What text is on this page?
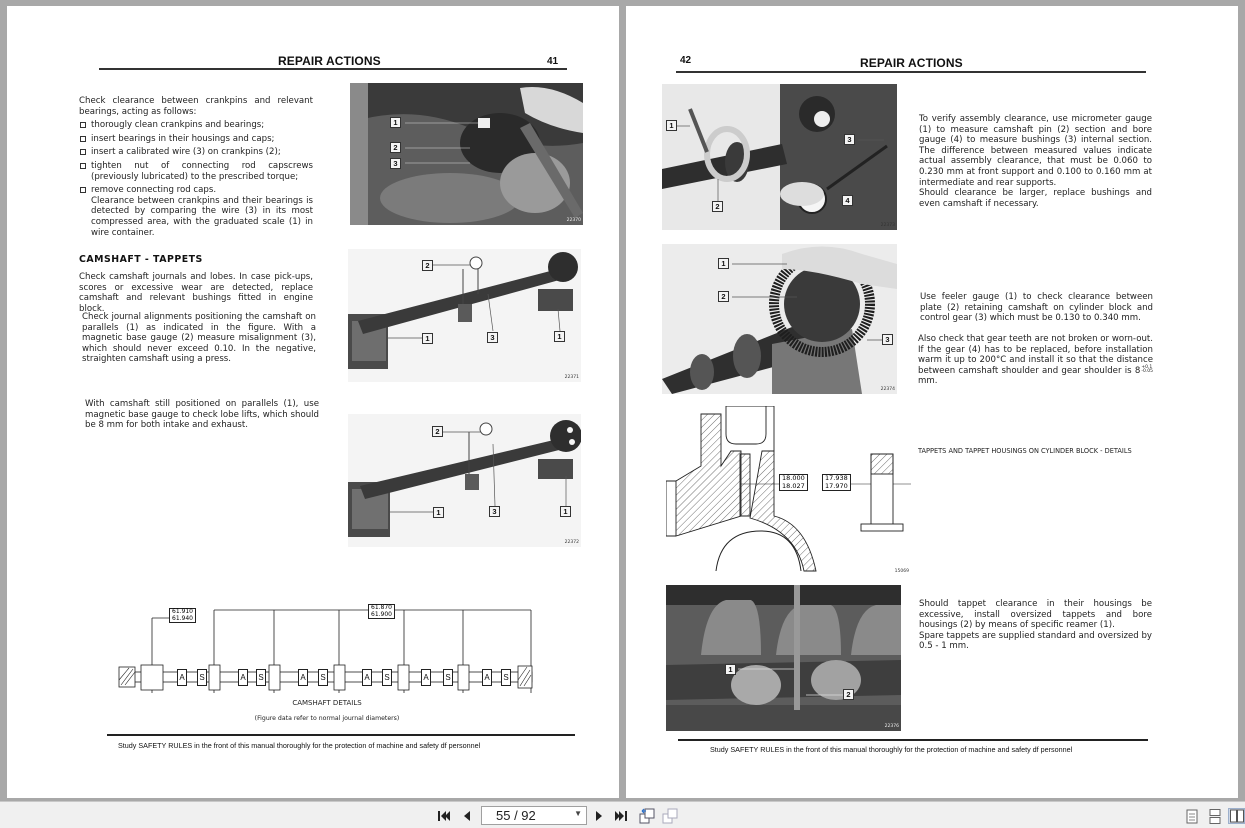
REPAIR ACTIONS	41

Check clearance between crankpins and relevant bearings, acting as follows:

thorougly clean crankpins and bearings;
insert bearings in their housings and caps;
insert a calibrated wire (3) on crankpins (2);
tighten nut of connecting rod capscrews (previously lubricated) to the prescribed torque;
remove connecting rod caps.
Clearance between crankpins and their bearings is detected by comparing the wire (3) in its most compressed area, with the graduated scale (1) in wire container.
CAMSHAFT - TAPPETS
Check camshaft journals and lobes. In case pick-ups, scores or excessive wear are detected, replace camshaft and relevant bushings fitted in engine block.
Check journal alignments positioning the camshaft on parallels (1) as indicated in the figure. With a magnetic base gauge (2) measure misalignment (3), which should never exceed 0.10. In the negative, straighten camshaft using a press.
With camshaft still positioned on parallels (1), use magnetic base gauge to check lobe lifts, which should be 8 mm for both intake and exhaust.
1
2
3
22370
2
1	3	1
22371
2
1	3	1
22372
61.910
61.940
61.870
61.900
A S	A S	A S	A S	A S	A S
CAMSHAFT DETAILS
(Figure data refer to normal journal diameters)
Study SAFETY RULES in the front of this manual thoroughly for the protection of machine and safety df personnel
42	REPAIR ACTIONS
1
2
3
4
22373

To verify assembly clearance, use micrometer gauge (1) to measure camshaft pin (2) section and bore gauge (4) to measure bushings (3) internal section. The difference between measured values indicate actual assembly clearance, that must be 0.060 to 0.230 mm at front support and 0.100 to 0.160 mm at intermediate and rear supports.

Should clearance be larger, replace bushings and even camshaft if necessary.

1
2
3
22374
Use feeler gauge (1) to check clearance between plate (2) retaining camshaft on cylinder block and control gear (3) which must be 0.130 to 0.340 mm.
Also check that gear teeth are not broken or worn-out. If the gear (4) has to be replaced, before installation warm it up to 200°C and install it so that the distance between camshaft shoulder and gear shoulder is 8 +0.1
-0.05
mm.
18.000
18.027
17.938
17.970
15069
TAPPETS AND TAPPET HOUSINGS ON CYLINDER BLOCK - DETAILS
1
2
22376

Should tappet clearance in their housings be excessive, install oversized tappets and bore housings (2) by means of specific reamer (1).

Spare tappets are supplied standard and oversized by 0.5 - 1 mm.

Study SAFETY RULES in the front of this manual thoroughly for the protection of machine and safety df personnel
55 / 92	▼
